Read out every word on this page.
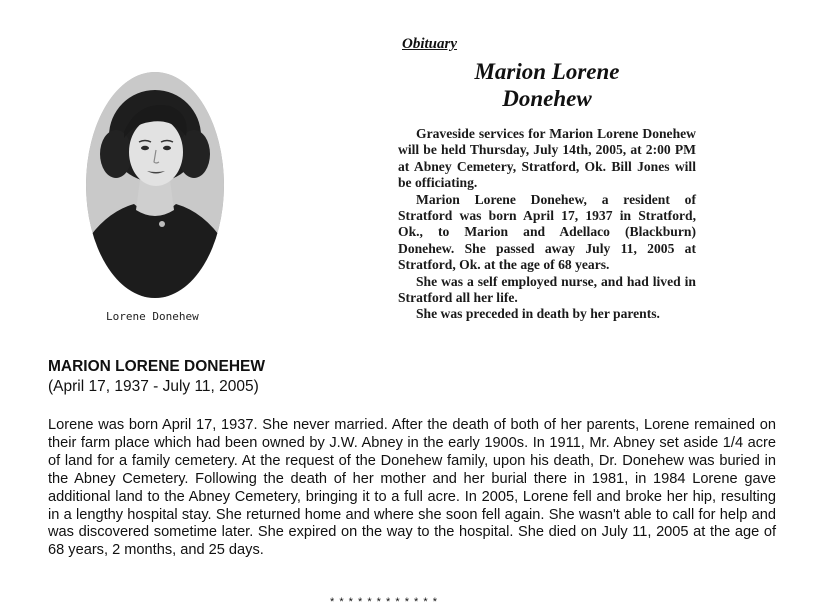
Lorene Donehew
Obituary
Marion Lorene
Donehew

Graveside services for Marion Lorene Donehew will be held Thursday, July 14th, 2005, at 2:00 PM at Abney Cemetery, Stratford, Ok. Bill Jones will be officiating.

Marion Lorene Donehew, a resident of Stratford was born April 17, 1937 in Stratford, Ok., to Marion and Adellaco (Blackburn) Donehew. She passed away July 11, 2005 at Stratford, Ok. at the age of 68 years.

She was a self employed nurse, and had lived in Stratford all her life.

She was preceded in death by her parents.

MARION LORENE DONEHEW
(April 17, 1937 - July 11, 2005)
Lorene was born April 17, 1937. She never married. After the death of both of her parents, Lorene remained on their farm place which had been owned by J.W. Abney in the early 1900s. In 1911, Mr. Abney set aside 1/4 acre of land for a family cemetery. At the request of the Donehew family, upon his death, Dr. Donehew was buried in the Abney Cemetery. Following the death of her mother and her burial there in 1981, in 1984 Lorene gave additional land to the Abney Cemetery, bringing it to a full acre. In 2005, Lorene fell and broke her hip, resulting in a lengthy hospital stay. She returned home and where she soon fell again. She wasn't able to call for help and was discovered sometime later. She expired on the way to the hospital. She died on July 11, 2005 at the age of 68 years, 2 months, and 25 days.
* * * * * * * * * * * *
